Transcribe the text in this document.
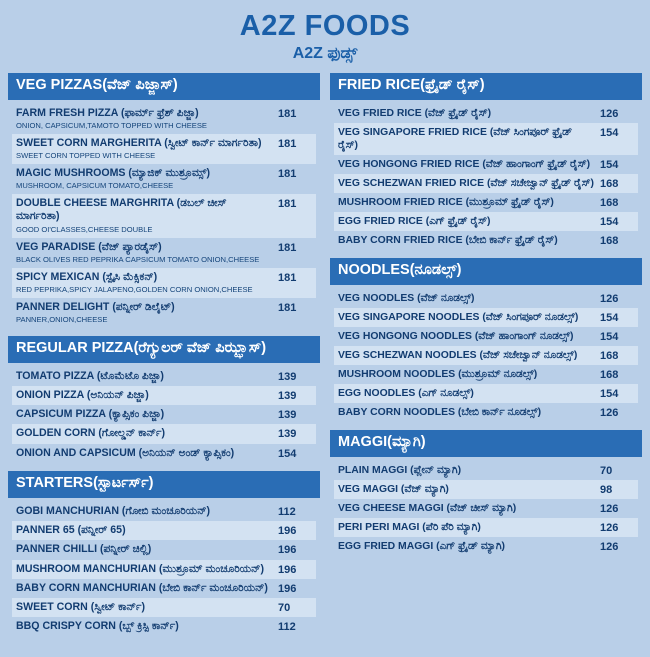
A2Z FOODS
A2Z ಫುಡ್ಸ್
VEG PIZZAS(ವೆಜ್ ಪಿಜ್ಜಾಸ್)
FARM FRESH PIZZA (ಫಾರ್ಮ್ ಫ್ರೆಶ್ ಪಿಜ್ಜಾ)
ONION, CAPSICUM,TAMOTO TOPPED WITH CHEESE
181
SWEET CORN MARGHERITA (ಸ್ವೀಟ್ ಕಾರ್ನ್ ಮಾರ್ಗರಿತಾ)
SWEET CORN TOPPED WITH CHEESE
181
MAGIC MUSHROOMS (ಮ್ಯಾಜಿಕ್ ಮುಶ್ರೂಮ್ಸ್)
MUSHROOM, CAPSICUM TOMATO,CHEESE
181
DOUBLE CHEESE MARGHRITA (ಡಬಲ್ ಚೀಸ್ ಮಾರ್ಗರಿತಾ)
GOOD OI'CLASSES,CHEESE DOUBLE
181
VEG PARADISE (ವೆಜ್ ಪ್ಯಾರಡೈಸ್)
BLACK OLIVES RED PEPRIKA CAPSICUM TOMATO ONION,CHEESE
181
SPICY MEXICAN (ಸ್ಪೈಸಿ ಮೆಕ್ಸಿಕನ್)
RED PEPRIKA,SPICY JALAPENO,GOLDEN CORN ONION,CHEESE
181
PANNER DELIGHT (ಪನ್ನೀರ್ ಡಿಲೈಟ್)
PANNER,ONION,CHEESE
181
REGULAR PIZZA(ರೆಗ್ಯುಲರ್ ವೆಜ್ ಪಿಝ್ಝಾಸ್)
TOMATO PIZZA (ಟೊಮೆಟೊ ಪಿಜ್ಜಾ)	139
ONION PIZZA (ಅನಿಯನ್ ಪಿಜ್ಜಾ)	139
CAPSICUM PIZZA (ಕ್ಯಾಪ್ಸಿಕಂ ಪಿಜ್ಜಾ)	139
GOLDEN CORN (ಗೋಲ್ಡನ್ ಕಾರ್ನ್)	139
ONION AND CAPSICUM (ಅನಿಯನ್ ಅಂಡ್ ಕ್ಯಾಪ್ಸಿಕಂ)	154
STARTERS(ಸ್ಟಾರ್ಟರ್ಸ್)
GOBI MANCHURIAN (ಗೋಬಿ ಮಂಚೂರಿಯನ್)	112
PANNER 65 (ಪನ್ನೀರ್ 65)	196
PANNER CHILLI (ಪನ್ನೀರ್ ಚಿಲ್ಲಿ)	196
MUSHROOM MANCHURIAN (ಮುಶ್ರೂಮ್ ಮಂಚೂರಿಯನ್)	196
BABY CORN MANCHURIAN (ಬೇಬಿ ಕಾರ್ನ್ ಮಂಚೂರಿಯನ್) 196
SWEET CORN (ಸ್ವೀಟ್ ಕಾರ್ನ್)	70
BBQ CRISPY CORN (ಬ್ಬ್ ಕ್ರಿಸ್ಪಿ ಕಾರ್ನ್)	112
FRIED RICE(ಫ್ರೈಡ್ ರೈಸ್)
VEG FRIED RICE (ವೆಜ್ ಫ್ರೈಡ್ ರೈಸ್)	126
VEG SINGAPORE FRIED RICE (ವೆಜ್ ಸಿಂಗಪೂರ್ ಫ್ರೈಡ್ ರೈಸ್)
154
VEG HONGONG FRIED RICE (ವೆಜ್ ಹಾಂಗಾಂಗ್ ಫ್ರೈಡ್ ರೈಸ್) 154
VEG SCHEZWAN FRIED RICE (ವೆಜ್ ಸಚೇಜ್ವಾನ್ ಫ್ರೈಡ್ ರೈಸ್) 168
MUSHROOM FRIED RICE (ಮುಶ್ರೂಮ್ ಫ್ರೈಡ್ ರೈಸ್)	168
EGG FRIED RICE (ಎಗ್ ಫ್ರೈಡ್ ರೈಸ್)	154
BABY CORN FRIED RICE (ಬೇಬಿ ಕಾರ್ನ್ ಫ್ರೈಡ್ ರೈಸ್)	168
NOODLES(ನೂಡಲ್ಸ್)
VEG NOODLES (ವೆಜ್ ನೂಡಲ್ಸ್)	126
VEG SINGAPORE NOODLES (ವೆಜ್ ಸಿಂಗಪೂರ್ ನೂಡಲ್ಸ್)	154
VEG HONGONG NOODLES (ವೆಜ್ ಹಾಂಗಾಂಗ್ ನೂಡಲ್ಸ್)	154
VEG SCHEZWAN NOODLES (ವೆಜ್ ಸಚೇಜ್ವಾನ್ ನೂಡಲ್ಸ್)	168
MUSHROOM NOODLES (ಮುಶ್ರೂಮ್ ನೂಡಲ್ಸ್)	168
EGG NOODLES (ಎಗ್ ನೂಡಲ್ಸ್)	154
BABY CORN NOODLES (ಬೇಬಿ ಕಾರ್ನ್ ನೂಡಲ್ಸ್)	126
MAGGI(ಮ್ಯಾಗಿ)
PLAIN MAGGI (ಪ್ಲೇನ್ ಮ್ಯಾಗಿ)	70
VEG MAGGI (ವೆಜ್ ಮ್ಯಾಗಿ)	98
VEG CHEESE MAGGI (ವೆಜ್ ಚೀಸ್ ಮ್ಯಾಗಿ)	126
PERI PERI MAGI (ಪೆರಿ ಪೆರಿ ಮ್ಯಾಗಿ)	126
EGG FRIED MAGGI (ಎಗ್ ಫ್ರೈಡ್ ಮ್ಯಾಗಿ)	126
